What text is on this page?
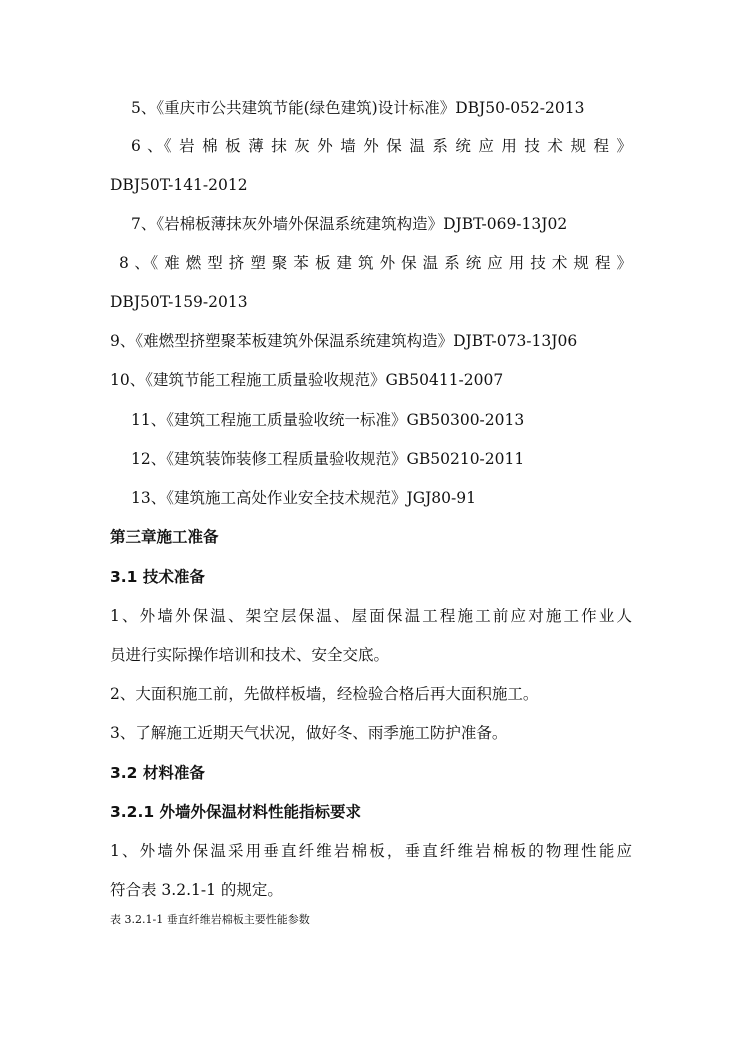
5、《重庆市公共建筑节能(绿色建筑)设计标准》DBJ50-052-2013
6 、《 岩 棉 板 薄 抹 灰 外 墙 外 保 温 系 统 应 用 技 术 规 程 》
DBJ50T-141-2012
7、《岩棉板薄抹灰外墙外保温系统建筑构造》DJBT-069-13J02
8 、《 难 燃 型 挤 塑 聚 苯 板 建 筑 外 保 温 系 统 应 用 技 术 规 程 》
DBJ50T-159-2013
9、《难燃型挤塑聚苯板建筑外保温系统建筑构造》DJBT-073-13J06
10、《建筑节能工程施工质量验收规范》GB50411-2007
11、《建筑工程施工质量验收统一标准》GB50300-2013
12、《建筑装饰装修工程质量验收规范》GB50210-2011
13、《建筑施工高处作业安全技术规范》JGJ80-91
第三章施工准备
3.1 技术准备
1、外墙外保温、架空层保温、屋面保温工程施工前应对施工作业人
员进行实际操作培训和技术、安全交底。
2、大面积施工前，先做样板墙，经检验合格后再大面积施工。
3、了解施工近期天气状况，做好冬、雨季施工防护准备。
3.2 材料准备
3.2.1 外墙外保温材料性能指标要求
1、外墙外保温采用垂直纤维岩棉板，垂直纤维岩棉板的物理性能应
符合表 3.2.1-1 的规定。
表 3.2.1-1 垂直纤维岩棉板主要性能参数
